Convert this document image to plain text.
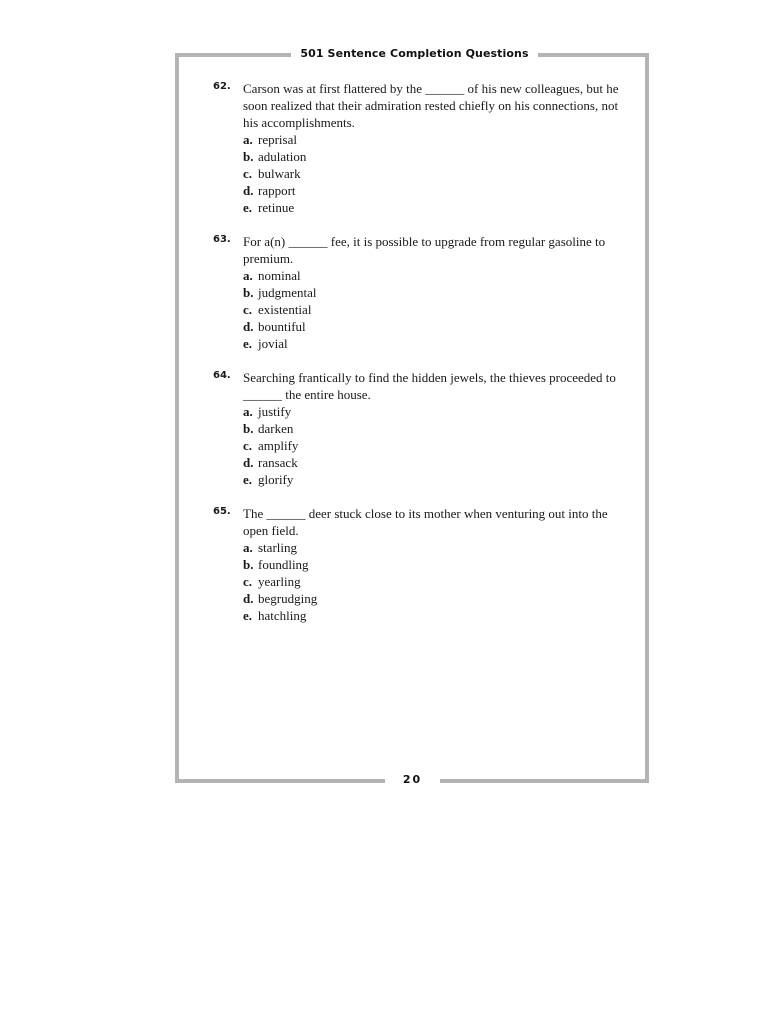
501 Sentence Completion Questions
62. Carson was at first flattered by the ______ of his new colleagues, but he soon realized that their admiration rested chiefly on his connections, not his accomplishments.
a. reprisal
b. adulation
c. bulwark
d. rapport
e. retinue
63. For a(n) ______ fee, it is possible to upgrade from regular gasoline to premium.
a. nominal
b. judgmental
c. existential
d. bountiful
e. jovial
64. Searching frantically to find the hidden jewels, the thieves proceeded to ______ the entire house.
a. justify
b. darken
c. amplify
d. ransack
e. glorify
65. The ______ deer stuck close to its mother when venturing out into the open field.
a. starling
b. foundling
c. yearling
d. begrudging
e. hatchling
20
